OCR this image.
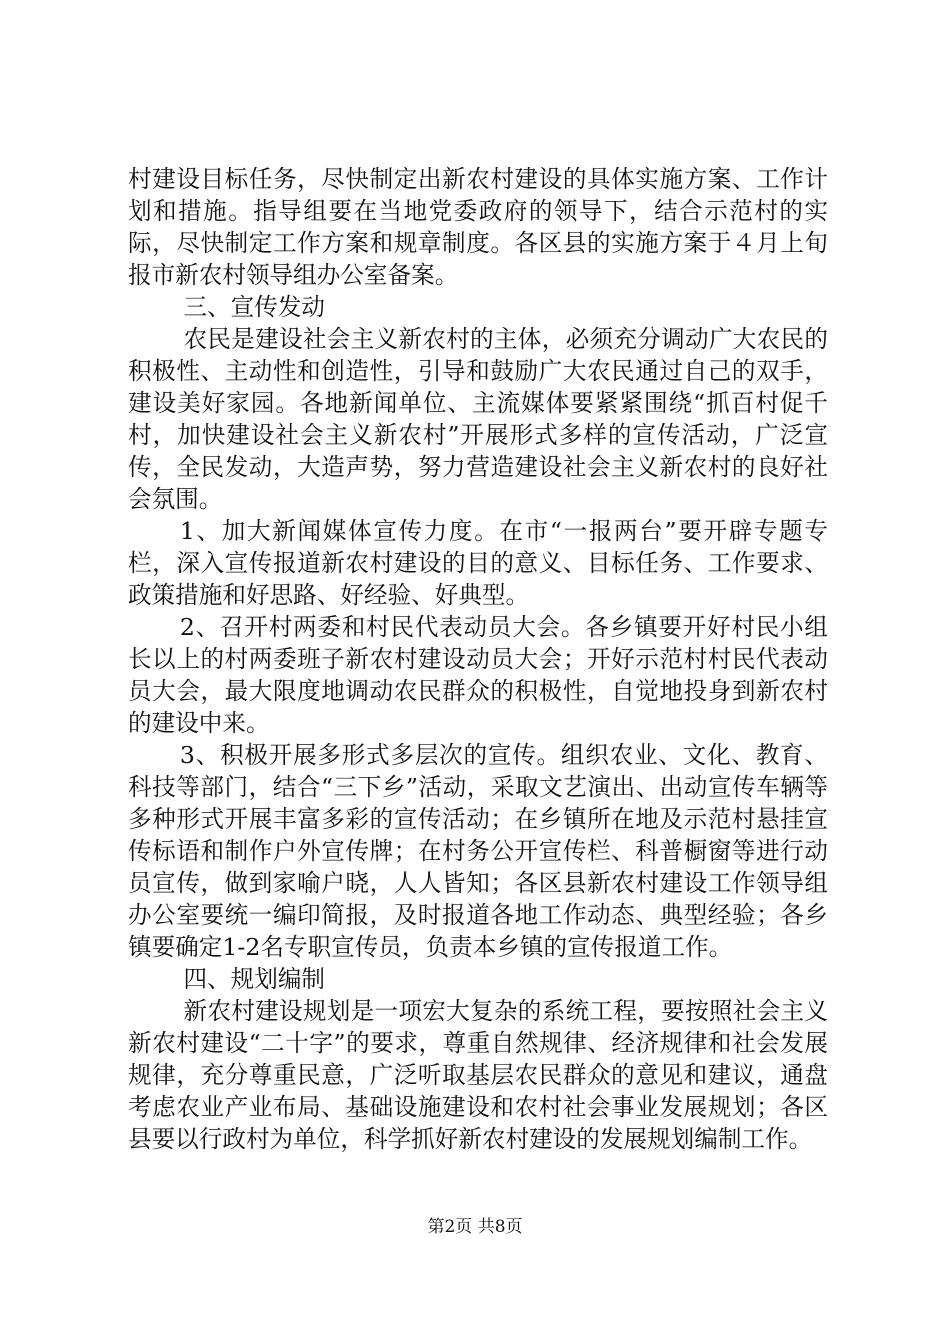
村建设目标任务，尽快制定出新农村建设的具体实施方案、工作计划和措施。指导组要在当地党委政府的领导下，结合示范村的实际，尽快制定工作方案和规章制度。各区县的实施方案于４月上旬报市新农村领导组办公室备案。

三、宣传发动

农民是建设社会主义新农村的主体，必须充分调动广大农民的积极性、主动性和创造性，引导和鼓励广大农民通过自己的双手，建设美好家园。各地新闻单位、主流媒体要紧紧围绕“抓百村促千村，加快建设社会主义新农村”开展形式多样的宣传活动，广泛宣传，全民发动，大造声势，努力营造建设社会主义新农村的良好社会氛围。

1、加大新闻媒体宣传力度。在市“一报两台”要开辟专题专栏，深入宣传报道新农村建设的目的意义、目标任务、工作要求、政策措施和好思路、好经验、好典型。

2、召开村两委和村民代表动员大会。各乡镇要开好村民小组长以上的村两委班子新农村建设动员大会；开好示范村村民代表动员大会，最大限度地调动农民群众的积极性，自觉地投身到新农村的建设中来。

3、积极开展多形式多层次的宣传。组织农业、文化、教育、科技等部门，结合“三下乡”活动，采取文艺演出、出动宣传车辆等多种形式开展丰富多彩的宣传活动；在乡镇所在地及示范村悬挂宣传标语和制作户外宣传牌；在村务公开宣传栏、科普橱窗等进行动员宣传，做到家喻户晓，人人皆知；各区县新农村建设工作领导组办公室要统一编印简报，及时报道各地工作动态、典型经验；各乡镇要确定1-2名专职宣传员，负责本乡镇的宣传报道工作。

四、规划编制

新农村建设规划是一项宏大复杂的系统工程，要按照社会主义新农村建设“二十字”的要求，尊重自然规律、经济规律和社会发展规律，充分尊重民意，广泛听取基层农民群众的意见和建议，通盘考虑农业产业布局、基础设施建设和农村社会事业发展规划；各区县要以行政村为单位，科学抓好新农村建设的发展规划编制工作。

第2页 共8页
